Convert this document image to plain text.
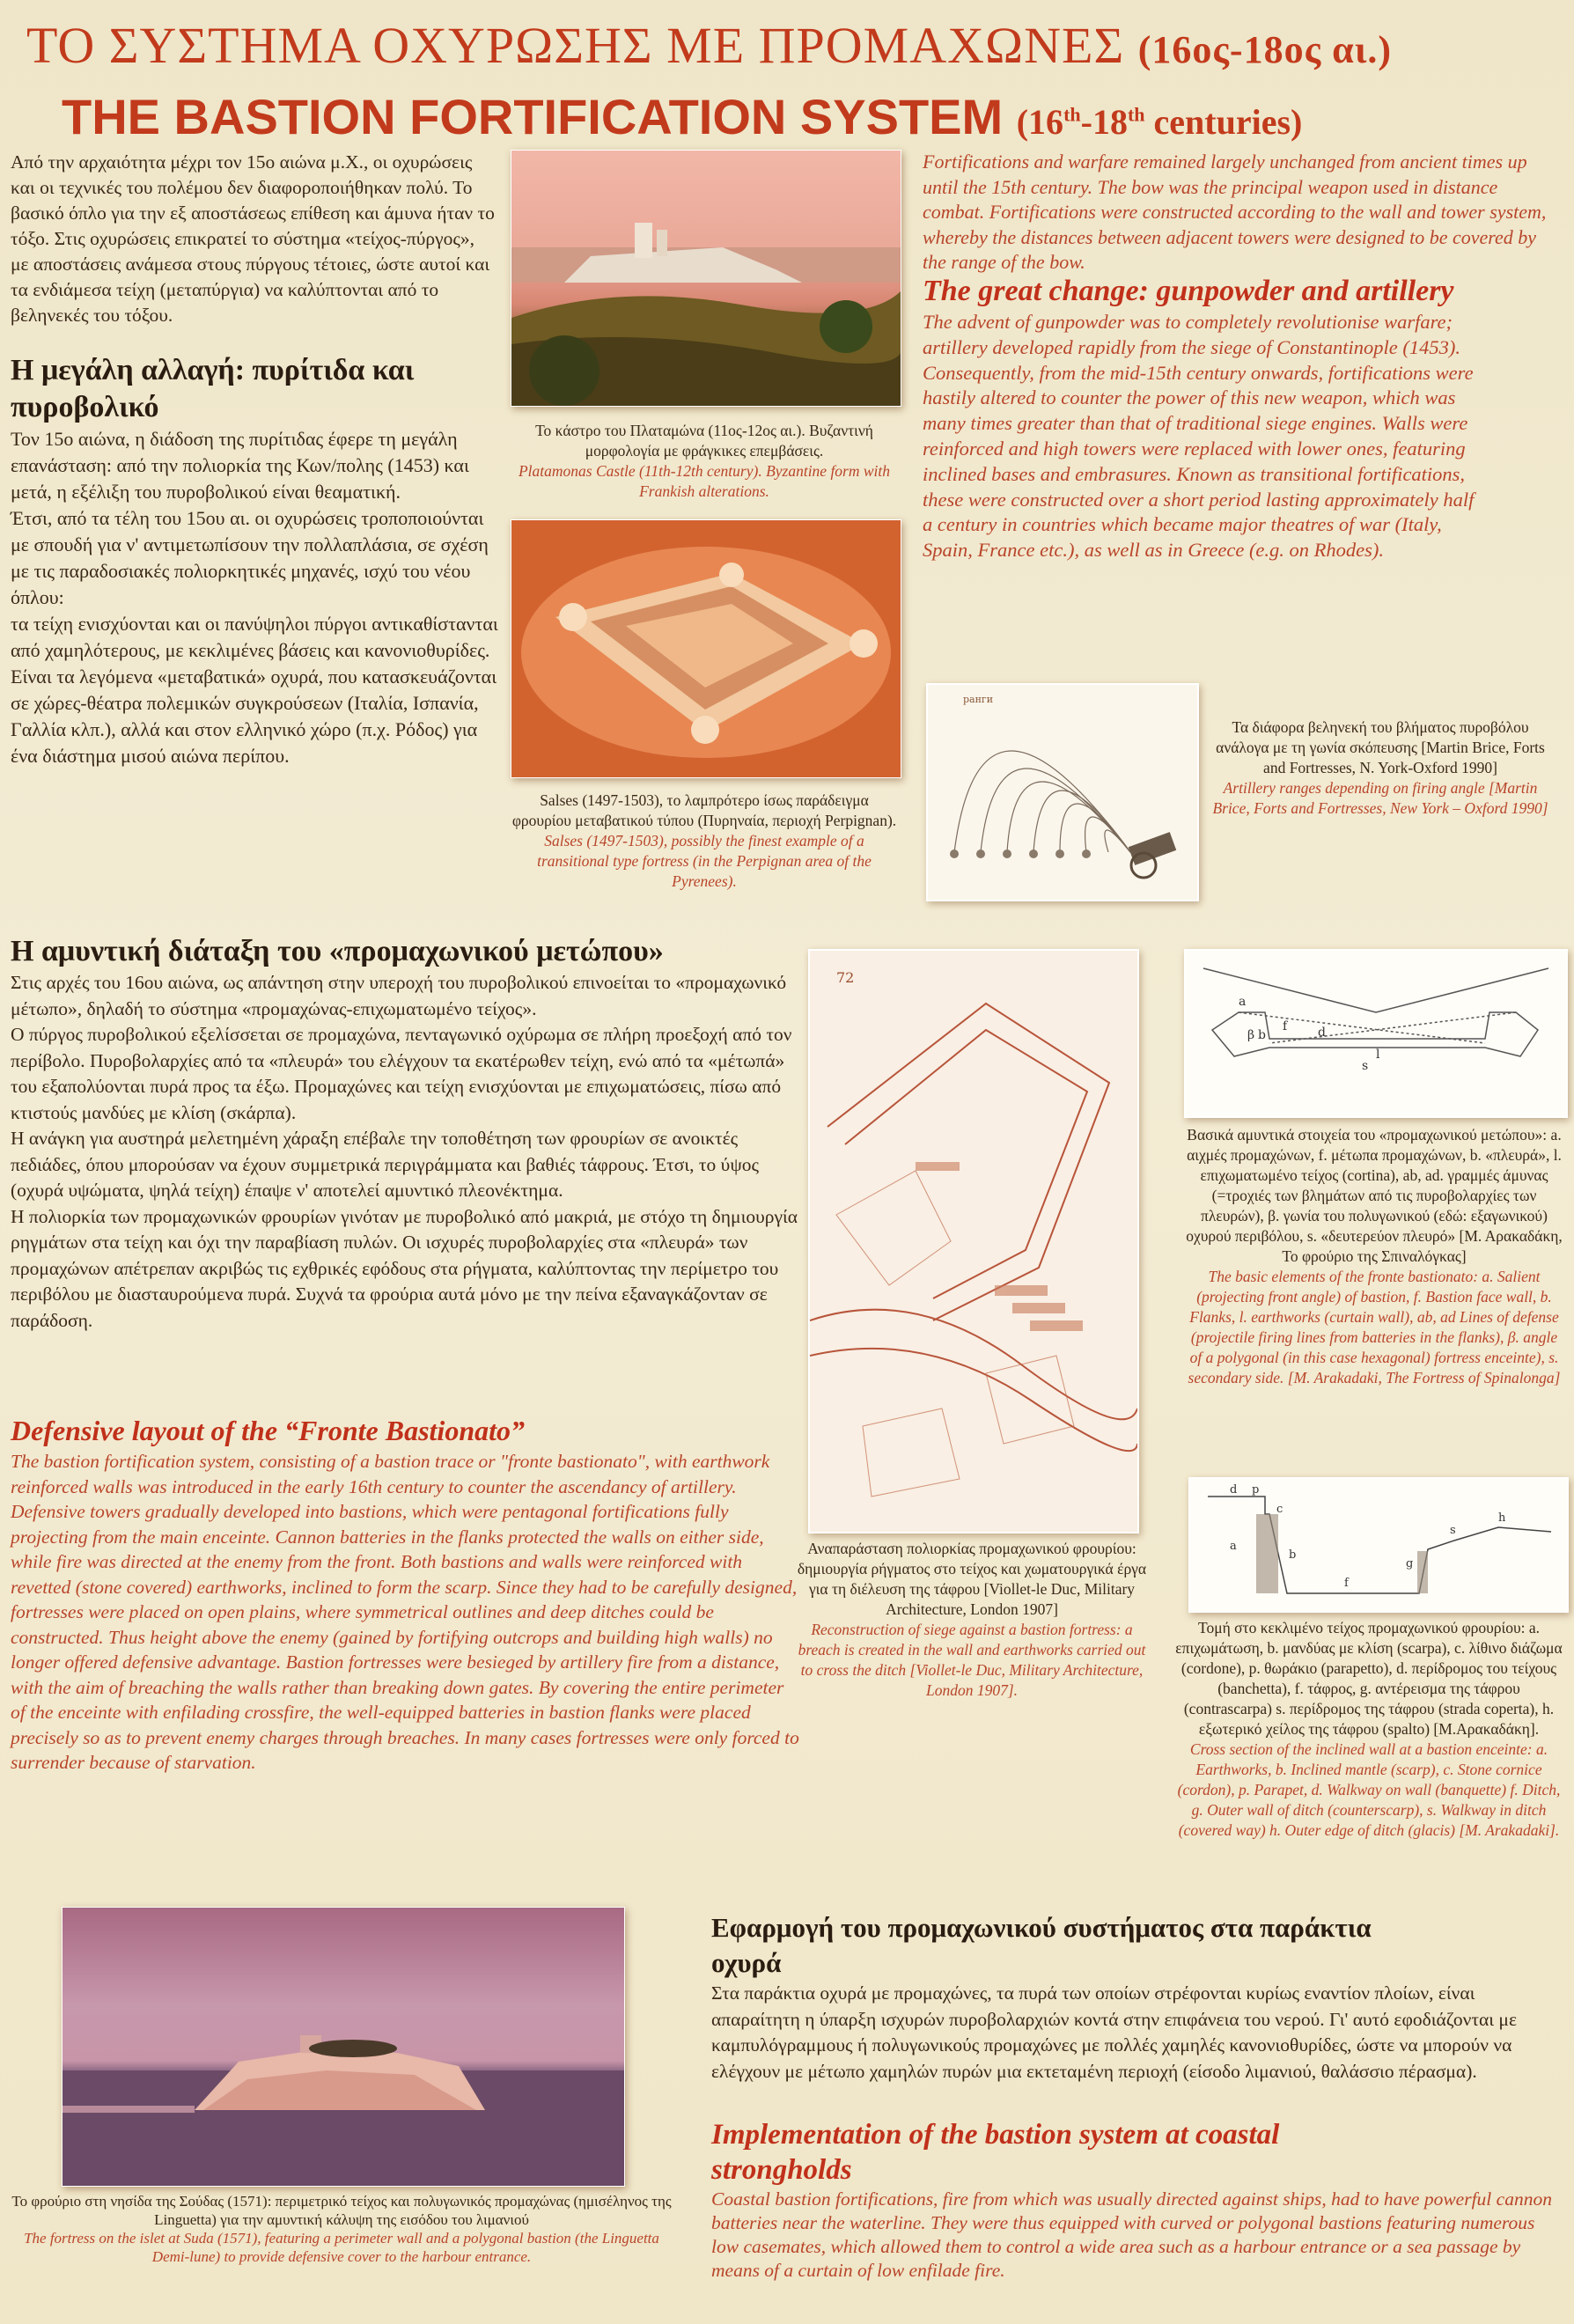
ΤΟ ΣΥΣΤΗΜΑ ΟΧΥΡΩΣΗΣ ΜΕ ΠΡΟΜΑΧΩΝΕΣ (16ος-18ος αι.)
THE BASTION FORTIFICATION SYSTEM (16th-18th centuries)

Από την αρχαιότητα μέχρι τον 15ο αιώνα μ.Χ., οι οχυρώσεις και οι τεχνικές του πολέμου δεν διαφοροποιήθηκαν πολύ. Το βασικό όπλο για την εξ αποστάσεως επίθεση και άμυνα ήταν το τόξο. Στις οχυρώσεις επικρατεί το σύστημα «τείχος-πύργος», με αποστάσεις ανάμεσα στους πύργους τέτοιες, ώστε αυτοί και τα ενδιάμεσα τείχη (μεταπύργια) να καλύπτονται από το βεληνεκές του τόξου.

Η μεγάλη αλλαγή: πυρίτιδα και πυροβολικό

Τον 15ο αιώνα, η διάδοση της πυρίτιδας έφερε τη μεγάλη επανάσταση: από την πολιορκία της Κων/πολης (1453) και μετά, η εξέλιξη του πυροβολικού είναι θεαματική.

Έτσι, από τα τέλη του 15ου αι. οι οχυρώσεις τροποποιούνται με σπουδή για ν' αντιμετωπίσουν την πολλαπλάσια, σε σχέση με τις παραδοσιακές πολιορκητικές μηχανές, ισχύ του νέου όπλου:

τα τείχη ενισχύονται και οι πανύψηλοι πύργοι αντικαθίστανται από χαμηλότερους, με κεκλιμένες βάσεις και κανονιοθυρίδες. Είναι τα λεγόμενα «μεταβατικά» οχυρά, που κατασκευάζονται σε χώρες-θέατρα πολεμικών συγκρούσεων (Ιταλία, Ισπανία, Γαλλία κλπ.), αλλά και στον ελληνικό χώρο (π.χ. Ρόδος) για ένα διάστημα μισού αιώνα περίπου.

Το κάστρο του Πλαταμώνα (11ος-12ος αι.). Βυζαντινή μορφολογία με φράγκικες επεμβάσεις.
Platamonas Castle (11th-12th century). Byzantine form with Frankish alterations.
Salses (1497-1503), το λαμπρότερο ίσως παράδειγμα φρουρίου μεταβατικού τύπου (Πυρηναία, περιοχή Perpignan).
Salses (1497-1503), possibly the finest example of a transitional type fortress (in the Perpignan area of the Pyrenees).

Fortifications and warfare remained largely unchanged from ancient times up until the 15th century. The bow was the principal weapon used in distance combat. Fortifications were constructed according to the wall and tower system, whereby the distances between adjacent towers were designed to be covered by the range of the bow.

The great change: gunpowder and artillery

The advent of gunpowder was to completely revolutionise warfare; artillery developed rapidly from the siege of Constantinople (1453). Consequently, from the mid-15th century onwards, fortifications were hastily altered to counter the power of this new weapon, which was many times greater than that of traditional siege engines. Walls were reinforced and high towers were replaced with lower ones, featuring inclined bases and embrasures. Known as transitional fortifications, these were constructed over a short period lasting approximately half a century in countries which became major theatres of war (Italy, Spain, France etc.), as well as in Greece (e.g. on Rhodes).

ранги
Τα διάφορα βεληνεκή του βλήματος πυροβόλου ανάλογα με τη γωνία σκόπευσης [Martin Brice, Forts and Fortresses, N. York-Oxford 1990]
Artillery ranges depending on firing angle [Martin Brice, Forts and Fortresses, New York – Oxford 1990]
Η αμυντική διάταξη του «προμαχωνικού μετώπου»

Στις αρχές του 16ου αιώνα, ως απάντηση στην υπεροχή του πυροβολικού επινοείται το «προμαχωνικό μέτωπο», δηλαδή το σύστημα «προμαχώνας-επιχωματωμένο τείχος».

Ο πύργος πυροβολικού εξελίσσεται σε προμαχώνα, πενταγωνικό οχύρωμα σε πλήρη προεξοχή από τον περίβολο. Πυροβολαρχίες από τα «πλευρά» του ελέγχουν τα εκατέρωθεν τείχη, ενώ από τα «μέτωπά» του εξαπολύονται πυρά προς τα έξω. Προμαχώνες και τείχη ενισχύονται με επιχωματώσεις, πίσω από κτιστούς μανδύες με κλίση (σκάρπα).

Η ανάγκη για αυστηρά μελετημένη χάραξη επέβαλε την τοποθέτηση των φρουρίων σε ανοικτές πεδιάδες, όπου μπορούσαν να έχουν συμμετρικά περιγράμματα και βαθιές τάφρους. Έτσι, το ύψος (οχυρά υψώματα, ψηλά τείχη) έπαψε ν' αποτελεί αμυντικό πλεονέκτημα.

Η πολιορκία των προμαχωνικών φρουρίων γινόταν με πυροβολικό από μακριά, με στόχο τη δημιουργία ρηγμάτων στα τείχη και όχι την παραβίαση πυλών. Οι ισχυρές πυροβολαρχίες στα «πλευρά» των προμαχώνων απέτρεπαν ακριβώς τις εχθρικές εφόδους στα ρήγματα, καλύπτοντας την περίμετρο του περιβόλου με διασταυρούμενα πυρά. Συχνά τα φρούρια αυτά μόνο με την πείνα εξαναγκάζονταν σε παράδοση.

Defensive layout of the “Fronte Bastionato”

The bastion fortification system, consisting of a bastion trace or "fronte bastionato", with earthwork reinforced walls was introduced in the early 16th century to counter the ascendancy of artillery. Defensive towers gradually developed into bastions, which were pentagonal fortifications fully projecting from the main enceinte. Cannon batteries in the flanks protected the walls on either side, while fire was directed at the enemy from the front. Both bastions and walls were reinforced with revetted (stone covered) earthworks, inclined to form the scarp. Since they had to be carefully designed, fortresses were placed on open plains, where symmetrical outlines and deep ditches could be constructed. Thus height above the enemy (gained by fortifying outcrops and building high walls) no longer offered defensive advantage. Bastion fortresses were besieged by artillery fire from a distance, with the aim of breaching the walls rather than breaking down gates. By covering the entire perimeter of the enceinte with enfilading crossfire, the well-equipped batteries in bastion flanks were placed precisely so as to prevent enemy charges through breaches. In many cases fortresses were only forced to surrender because of starvation.

72
Αναπαράσταση πολιορκίας προμαχωνικού φρουρίου: δημιουργία ρήγματος στο τείχος και χωματουργικά έργα για τη διέλευση της τάφρου [Viollet-le Duc, Military Architecture, London 1907]
Reconstruction of siege against a bastion fortress: a breach is created in the wall and earthworks carried out to cross the ditch [Viollet-le Duc, Military Architecture, London 1907].
a
f
b
β	d
l
s
Βασικά αμυντικά στοιχεία του «προμαχωνικού μετώπου»: a. αιχμές προμαχώνων, f. μέτωπα προμαχώνων, b. «πλευρά», l. επιχωματωμένο τείχος (cortina), ab, ad. γραμμές άμυνας (=τροχιές των βλημάτων από τις πυροβολαρχίες των πλευρών), β. γωνία του πολυγωνικού (εδώ: εξαγωνικού) οχυρού περιβόλου, s. «δευτερεύον πλευρό» [Μ. Αρακαδάκη, Το φρούριο της Σπιναλόγκας]
The basic elements of the fronte bastionato: a. Salient (projecting front angle) of bastion, f. Bastion face wall, b. Flanks, l. earthworks (curtain wall), ab, ad Lines of defense (projectile firing lines from batteries in the flanks), β. angle of a polygonal (in this case hexagonal) fortress enceinte), s. secondary side. [M. Arakadaki, The Fortress of Spinalonga]
d p
c
a
b
f
g
s
h
Τομή στο κεκλιμένο τείχος προμαχωνικού φρουρίου: a. επιχωμάτωση, b. μανδύας με κλίση (scarpa), c. λίθινο διάζωμα (cordone), p. θωράκιο (parapetto), d. περίδρομος του τείχους (banchetta), f. τάφρος, g. αντέρεισμα της τάφρου (contrascarpa) s. περίδρομος της τάφρου (strada coperta), h. εξωτερικό χείλος της τάφρου (spalto) [Μ.Αρακαδάκη].
Cross section of the inclined wall at a bastion enceinte: a. Earthworks, b. Inclined mantle (scarp), c. Stone cornice (cordon), p. Parapet, d. Walkway on wall (banquette) f. Ditch, g. Outer wall of ditch (counterscarp), s. Walkway in ditch (covered way) h. Outer edge of ditch (glacis) [M. Arakadaki].
Το φρούριο στη νησίδα της Σούδας (1571): περιμετρικό τείχος και πολυγωνικός προμαχώνας (ημισέληνος της Linguetta) για την αμυντική κάλυψη της εισόδου του λιμανιού
The fortress on the islet at Suda (1571), featuring a perimeter wall and a polygonal bastion (the Linguetta Demi-lune) to provide defensive cover to the harbour entrance.
Εφαρμογή του προμαχωνικού συστήματος στα παράκτια οχυρά

Στα παράκτια οχυρά με προμαχώνες, τα πυρά των οποίων στρέφονται κυρίως εναντίον πλοίων, είναι απαραίτητη η ύπαρξη ισχυρών πυροβολαρχιών κοντά στην επιφάνεια του νερού. Γι' αυτό εφοδιάζονται με καμπυλόγραμμους ή πολυγωνικούς προμαχώνες με πολλές χαμηλές κανονιοθυρίδες, ώστε να μπορούν να ελέγχουν με μέτωπο χαμηλών πυρών μια εκτεταμένη περιοχή (είσοδο λιμανιού, θαλάσσιο πέρασμα).

Implementation of the bastion system at coastal strongholds

Coastal bastion fortifications, fire from which was usually directed against ships, had to have powerful cannon batteries near the waterline. They were thus equipped with curved or polygonal bastions featuring numerous low casemates, which allowed them to control a wide area such as a harbour entrance or a sea passage by means of a curtain of low enfilade fire.
